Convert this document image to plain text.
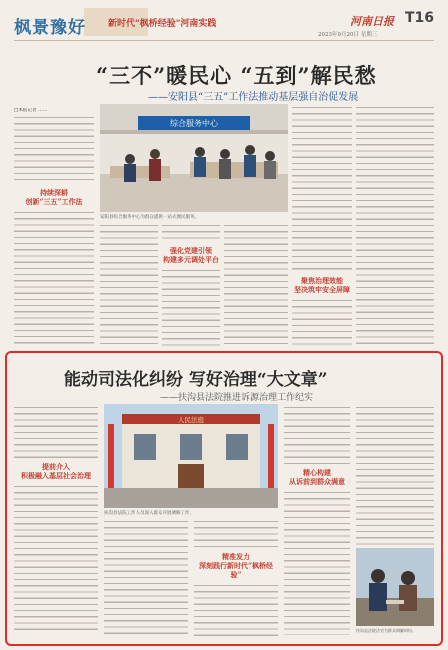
枫景豫好 新时代"枫桥经验"河南实践	河南日报 T16
2023年9月20日 星期三
“三不”暖民心 “五到”解民愁
——安阳县“三五”工作法推动基层强自治促发展
□本报记者 ……
持续深耕
创新“三五”工作法
综合服务中心
安阳县综合服务中心为群众提供一站式便民服务。
强化党建引领
构建多元调处平台
聚焦治理效能
坚决筑牢安全屏障
能动司法化纠纷 写好治理“大文章”
——扶沟县法院推进诉源治理工作纪实
提前介入
积极融入基层社会治理
人民法庭
扶沟县法院工作人员深入群众开展调解工作。
精准发力
深刻践行新时代“枫桥经验”
精心构建
从诉前到群众满意
扶沟县法院法官为群众调解纠纷。
